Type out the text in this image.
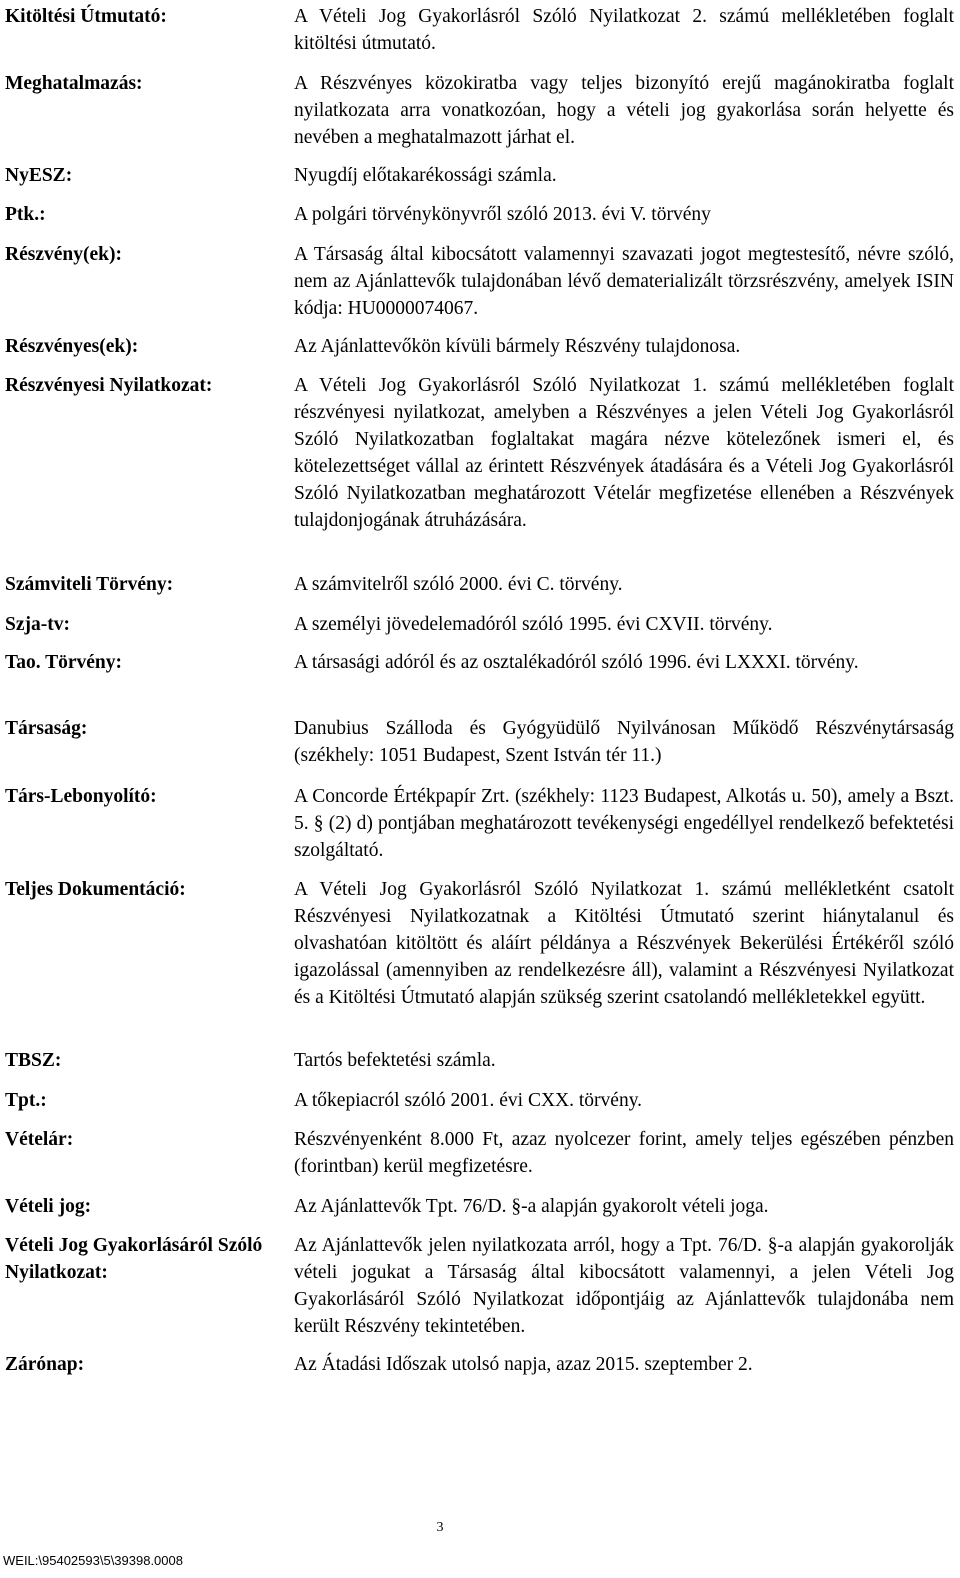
Kitöltési Útmutató:	A Vételi Jog Gyakorlásról Szóló Nyilatkozat 2. számú mellékletében foglalt kitöltési útmutató.
Meghatalmazás:	A Részvényes közokiratba vagy teljes bizonyító erejű magánokiratba foglalt nyilatkozata arra vonatkozóan, hogy a vételi jog gyakorlása során helyette és nevében a meghatalmazott járhat el.
NyESZ:	Nyugdíj előtakarékossági számla.
Ptk.:	A polgári törvénykönyvről szóló 2013. évi V. törvény
Részvény(ek):	A Társaság által kibocsátott valamennyi szavazati jogot megtestesítő, névre szóló, nem az Ajánlattevők tulajdonában lévő dematerializált törzsrészvény, amelyek ISIN kódja: HU0000074067.
Részvényes(ek):	Az Ajánlattevőkön kívüli bármely Részvény tulajdonosa.
Részvényesi Nyilatkozat:	A Vételi Jog Gyakorlásról Szóló Nyilatkozat 1. számú mellékletében foglalt részvényesi nyilatkozat, amelyben a Részvényes a jelen Vételi Jog Gyakorlásról Szóló Nyilatkozatban foglaltakat magára nézve kötelezőnek ismeri el, és kötelezettséget vállal az érintett Részvények átadására és a Vételi Jog Gyakorlásról Szóló Nyilatkozatban meghatározott Vételár megfizetése ellenében a Részvények tulajdonjogának átruházására.
Számviteli Törvény:	A számvitelről szóló 2000. évi C. törvény.
Szja-tv:	A személyi jövedelemadóról szóló 1995. évi CXVII. törvény.
Tao. Törvény:	A társasági adóról és az osztalékadóról szóló 1996. évi LXXXI. törvény.
Társaság:	Danubius Szálloda és Gyógyüdülő Nyilvánosan Működő Részvénytársaság (székhely: 1051 Budapest, Szent István tér 11.)
Társ-Lebonyolító:	A Concorde Értékpapír Zrt. (székhely: 1123 Budapest, Alkotás u. 50), amely a Bszt. 5. § (2) d) pontjában meghatározott tevékenységi engedéllyel rendelkező befektetési szolgáltató.
Teljes Dokumentáció:	A Vételi Jog Gyakorlásról Szóló Nyilatkozat 1. számú mellékletként csatolt Részvényesi Nyilatkozatnak a Kitöltési Útmutató szerint hiánytalanul és olvashatóan kitöltött és aláírt példánya a Részvények Bekerülési Értékéről szóló igazolással (amennyiben az rendelkezésre áll), valamint a Részvényesi Nyilatkozat és a Kitöltési Útmutató alapján szükség szerint csatolandó mellékletekkel együtt.
TBSZ:	Tartós befektetési számla.
Tpt.:	A tőkepiacról szóló 2001. évi CXX. törvény.
Vételár:	Részvényenként 8.000 Ft, azaz nyolcezer forint, amely teljes egészében pénzben (forintban) kerül megfizetésre.
Vételi jog:	Az Ajánlattevők Tpt. 76/D. §-a alapján gyakorolt vételi joga.
Vételi Jog Gyakorlásáról Szóló Nyilatkozat:
Az Ajánlattevők jelen nyilatkozata arról, hogy a Tpt. 76/D. §-a alapján gyakorolják vételi jogukat a Társaság által kibocsátott valamennyi, a jelen Vételi Jog Gyakorlásáról Szóló Nyilatkozat időpontjáig az Ajánlattevők tulajdonába nem került Részvény tekintetében.
Zárónap:	Az Átadási Időszak utolsó napja, azaz 2015. szeptember 2.
3
WEIL:\95402593\5\39398.0008
